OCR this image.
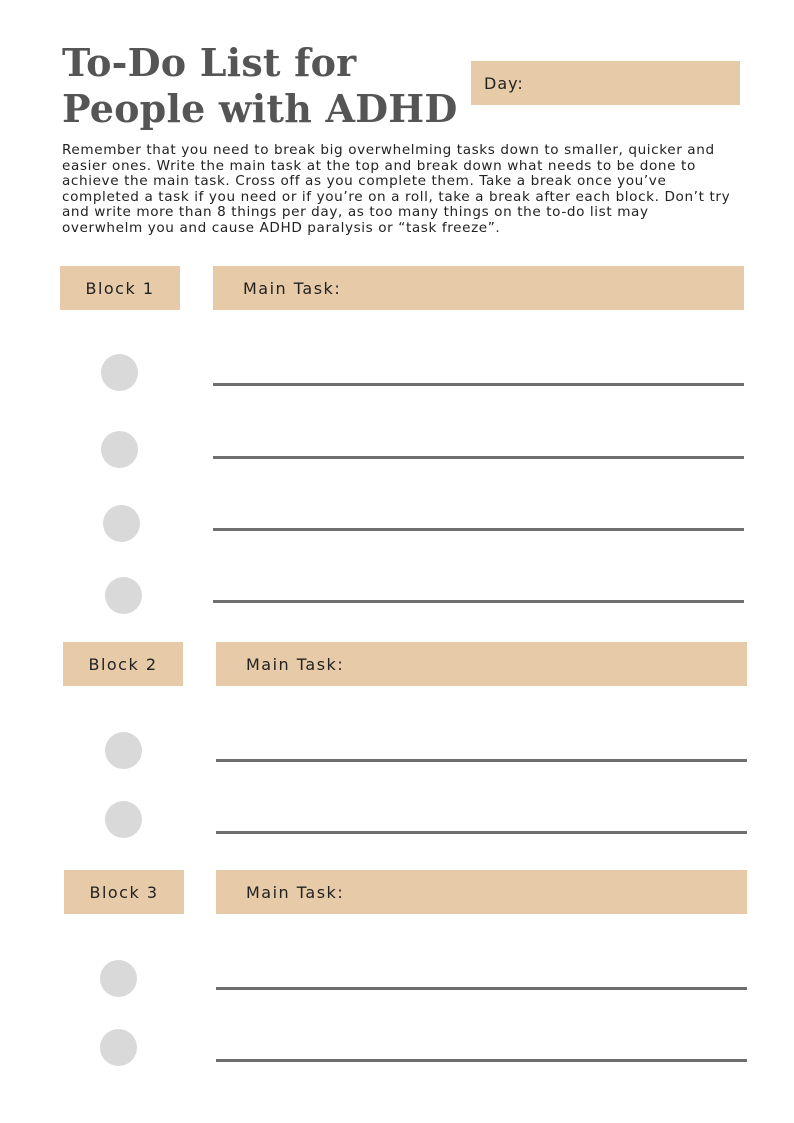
To-Do List for
People with ADHD
Day:

Remember that you need to break big overwhelming tasks down to smaller, quicker and easier ones. Write the main task at the top and break down what needs to be done to achieve the main task. Cross off as you complete them. Take a break once you’ve completed a task if you need or if you’re on a roll, take a break after each block. Don’t try and write more than 8 things per day, as too many things on the to-do list may overwhelm you and cause ADHD paralysis or “task freeze”.

Block 1	Main Task:
Block 2	Main Task:
Block 3	Main Task:
